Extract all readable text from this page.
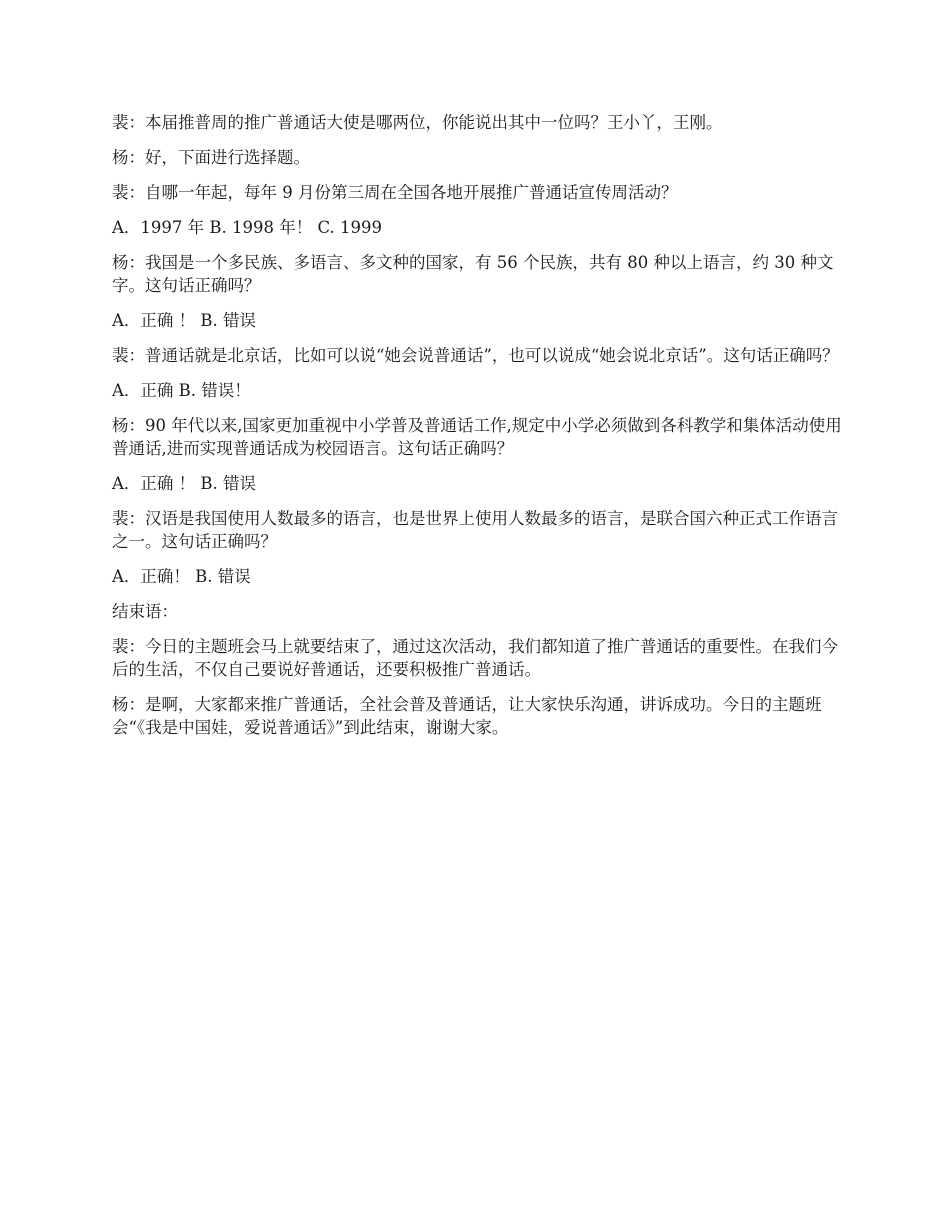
裴：本届推普周的推广普通话大使是哪两位，你能说出其中一位吗？王小丫，王刚。

杨：好，下面进行选择题。

裴：自哪一年起，每年 9 月份第三周在全国各地开展推广普通话宣传周活动？

A．1997 年 B. 1998 年！ C. 1999

杨：我国是一个多民族、多语言、多文种的国家，有 56 个民族，共有 80 种以上语言，约 30 种文字。这句话正确吗？

A．正确 ！ B. 错误

裴：普通话就是北京话，比如可以说“她会说普通话”，也可以说成“她会说北京话”。这句话正确吗？

A．正确 B. 错误！

杨：90 年代以来,国家更加重视中小学普及普通话工作,规定中小学必须做到各科教学和集体活动使用普通话,进而实现普通话成为校园语言。这句话正确吗？

A．正确 ！ B. 错误

裴：汉语是我国使用人数最多的语言，也是世界上使用人数最多的语言，是联合国六种正式工作语言之一。这句话正确吗？

A．正确！ B. 错误

结束语：

裴：今日的主题班会马上就要结束了，通过这次活动，我们都知道了推广普通话的重要性。在我们今后的生活，不仅自己要说好普通话，还要积极推广普通话。

杨：是啊，大家都来推广普通话，全社会普及普通话，让大家快乐沟通，讲诉成功。今日的主题班会“《我是中国娃，爱说普通话》”到此结束，谢谢大家。
